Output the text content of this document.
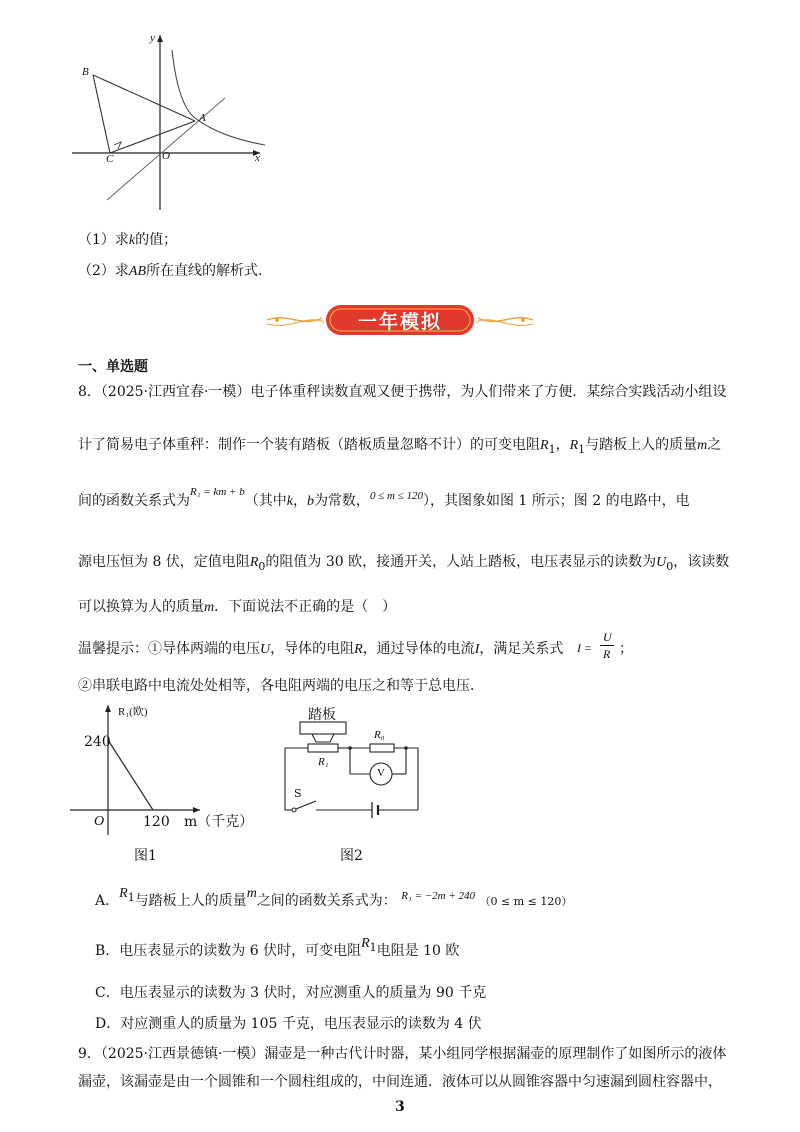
y
x
B
A
C	O
（1）求k的值；
（2）求AB所在直线的解析式.
一年模拟
一、单选题
8．（2025·江西宜春·一模）电子体重秤读数直观又便于携带，为人们带来了方便．某综合实践活动小组设
计了简易电子体重秤：制作一个装有踏板（踏板质量忽略不计）的可变电阻$R_1$，$R_1$与踏板上人的质量m之
间的函数关系式为$^{R_1 = km + b}$（其中k，b为常数，$^{0 \le m \le 120}$），其图象如图 1 所示；图 2 的电路中，电
源电压恒为 8 伏，定值电阻$R_0$的阻值为 30 欧，接通开关，人站上踏板，电压表显示的读数为$U_0$，该读数
可以换算为人的质量m．下面说法不正确的是（　）
温馨提示：①导体两端的电压U，导体的电阻R，通过导体的电流I，满足关系式 I =
U
R ；
②串联电路中电流处处相等，各电阻两端的电压之和等于总电压．
R₁(欧)
240
O	120 m（千克）
图1
踏板
R₀
R₁
V
S
图2
A．$R_1$与踏板上人的质量m之间的函数关系式为： $^{R_1 = -2m + 240}$ （0 ≤ m ≤ 120）
B．电压表显示的读数为 6 伏时，可变电阻$R_1$电阻是 10 欧
C．电压表显示的读数为 3 伏时，对应测重人的质量为 90 千克
D．对应测重人的质量为 105 千克，电压表显示的读数为 4 伏
9．（2025·江西景德镇·一模）漏壶是一种古代计时器，某小组同学根据漏壶的原理制作了如图所示的液体
漏壶，该漏壶是由一个圆锥和一个圆柱组成的，中间连通．液体可以从圆锥容器中匀速漏到圆柱容器中，
3
